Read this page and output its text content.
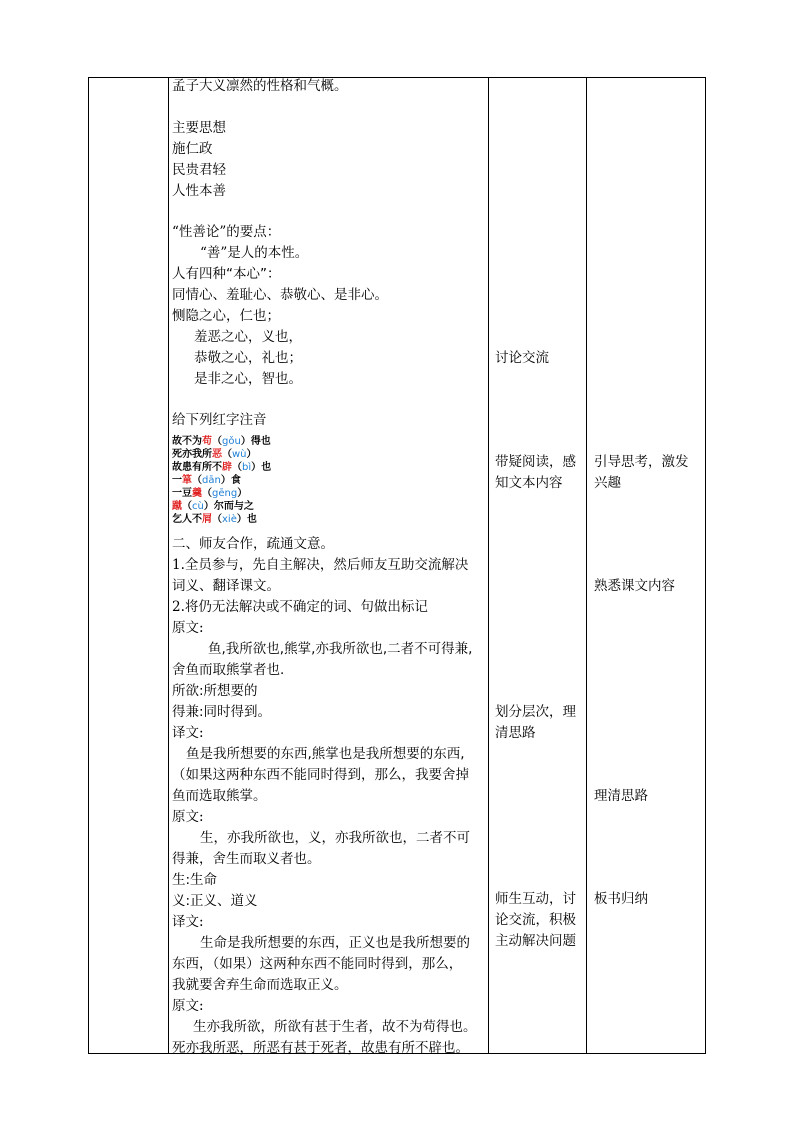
孟子大义凛然的性格和气概。
主要思想
施仁政
民贵君轻
人性本善
“性善论”的要点：
“善”是人的本性。
人有四种“本心”：
同情心、羞耻心、恭敬心、是非心。
恻隐之心，仁也；
羞恶之心，义也，
恭敬之心，礼也；
是非之心，智也。
给下列红字注音
故不为苟（gǒu）得也
死亦我所恶（wù）
故患有所不辟（bì）也
一箪（dān）食
一豆羹（gēng）
蹴（cù）尔而与之
乞人不屑（xiè）也
二、师友合作，疏通文意。
1.全员参与，先自主解决，然后师友互助交流解决
词义、翻译课文。
2.将仍无法解决或不确定的词、句做出标记
原文:
鱼,我所欲也,熊掌,亦我所欲也,二者不可得兼,
舍鱼而取熊掌者也.
所欲:所想要的
得兼:同时得到。
译文:
鱼是我所想要的东西,熊掌也是我所想要的东西,
（如果这两种东西不能同时得到，那么，我要舍掉
鱼而选取熊掌。
原文:
生，亦我所欲也，义，亦我所欲也，二者不可
得兼，舍生而取义者也。
生:生命
义:正义、道义
译文:
生命是我所想要的东西，正义也是我所想要的
东西，（如果）这两种东西不能同时得到，那么，
我就要舍弃生命而选取正义。
原文:
生亦我所欲，所欲有甚于生者，故不为苟得也。
死亦我所恶，所恶有甚于死者，故患有所不辟也。
讨论交流
带疑阅读，感
知文本内容
划分层次，理
清思路
师生互动，讨
论交流，积极
主动解决问题
引导思考，激发
兴趣
熟悉课文内容
理清思路
板书归纳
